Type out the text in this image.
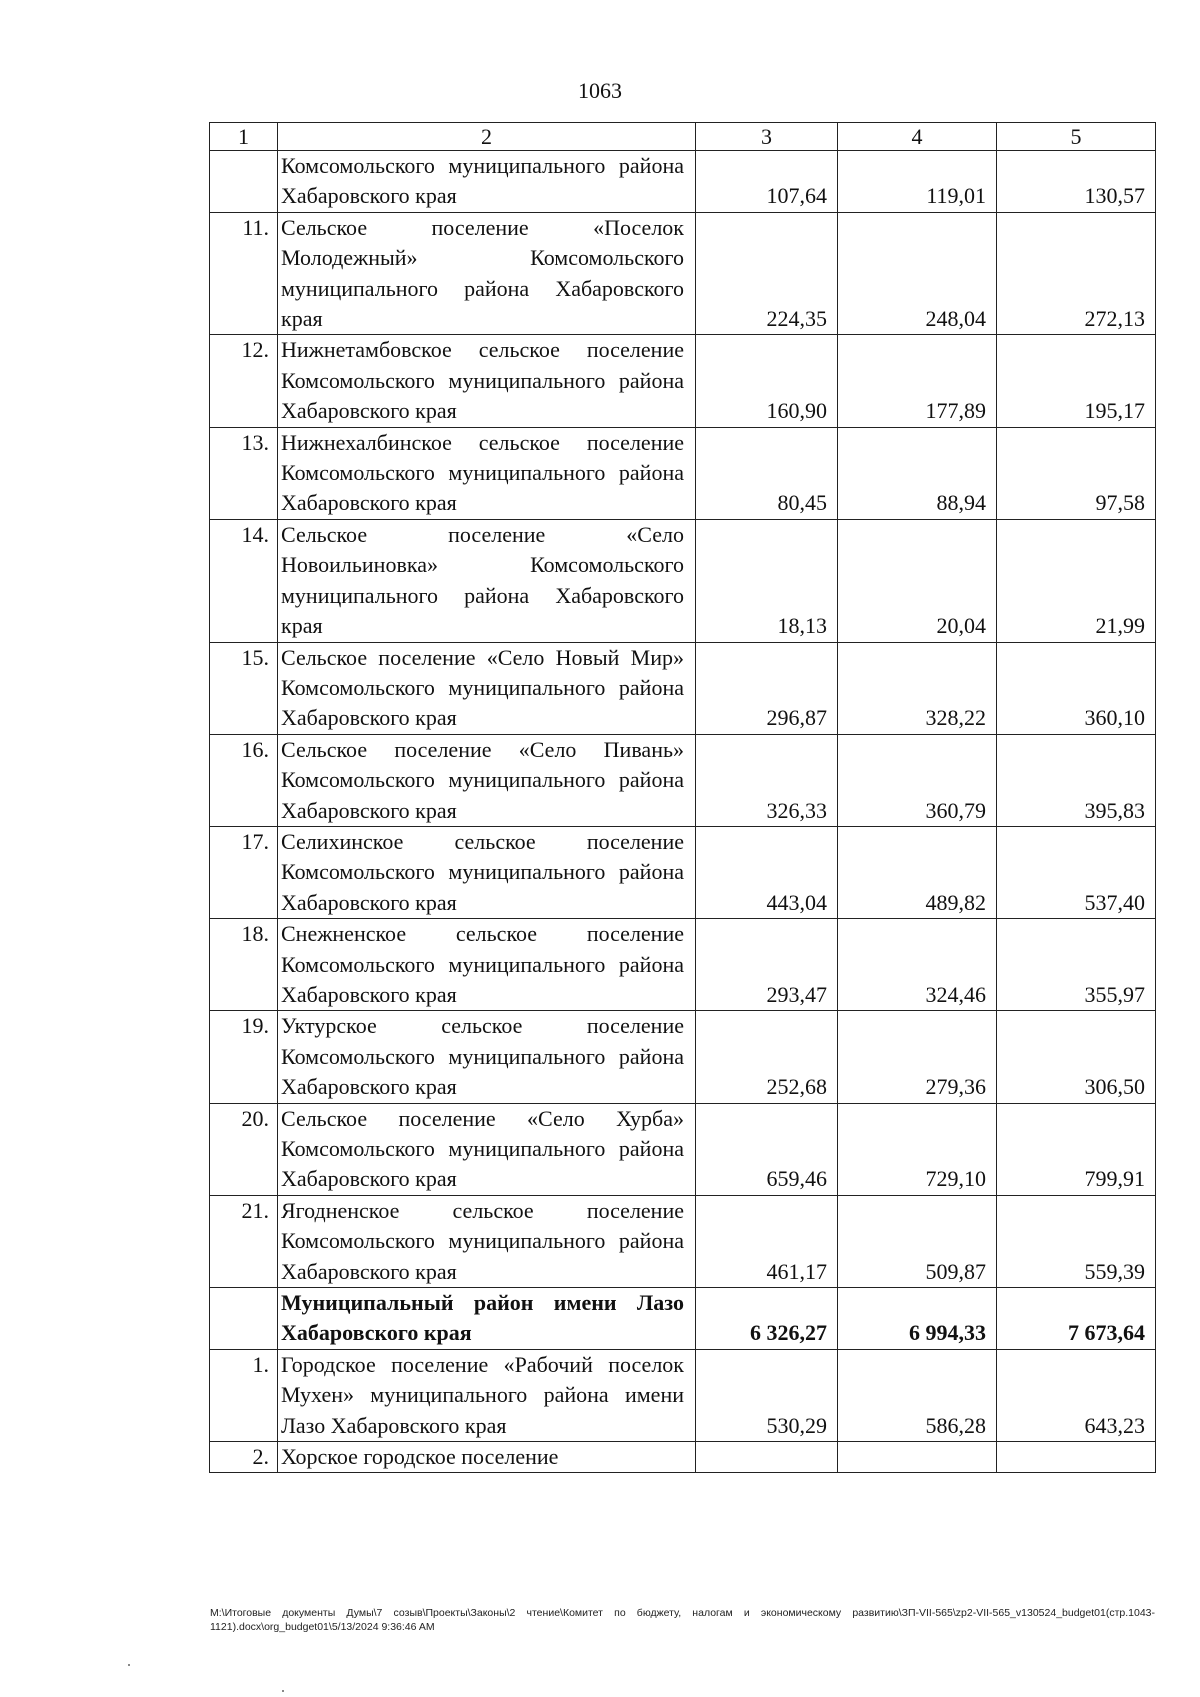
1063
1	2	3	4	5
	Комсомольского муниципального района Хабаровского края	107,64	119,01	130,57
11.	Сельское поселение «Поселок Молодежный» Комсомольского муниципального района Хабаровского края	224,35	248,04	272,13
12.	Нижнетамбовское сельское поселение Комсомольского муниципального района Хабаровского края	160,90	177,89	195,17
13.	Нижнехалбинское сельское поселение Комсомольского муниципального района Хабаровского края	80,45	88,94	97,58
14.	Сельское поселение «Село Новоильиновка» Комсомольского муниципального района Хабаровского края	18,13	20,04	21,99
15.	Сельское поселение «Село Новый Мир» Комсомольского муниципального района Хабаровского края	296,87	328,22	360,10
16.	Сельское поселение «Село Пивань» Комсомольского муниципального района Хабаровского края	326,33	360,79	395,83
17.	Селихинское сельское поселение Комсомольского муниципального района Хабаровского края	443,04	489,82	537,40
18.	Снежненское сельское поселение Комсомольского муниципального района Хабаровского края	293,47	324,46	355,97
19.	Уктурское сельское поселение Комсомольского муниципального района Хабаровского края	252,68	279,36	306,50
20.	Сельское поселение «Село Хурба» Комсомольского муниципального района Хабаровского края	659,46	729,10	799,91
21.	Ягодненское сельское поселение Комсомольского муниципального района Хабаровского края	461,17	509,87	559,39
	Муниципальный район имени Лазо Хабаровского края	6 326,27	6 994,33	7 673,64
1.	Городское поселение «Рабочий поселок Мухен» муниципального района имени Лазо Хабаровского края	530,29	586,28	643,23
2.	Хорское городское поселение			
M:\Итоговые документы Думы\7 созыв\Проекты\Законы\2 чтение\Комитет по бюджету, налогам и экономическому развитию\ЗП-VII-565\zp2-VII-565_v130524_budget01(стр.1043-1121).docx\org_budget01\5/13/2024 9:36:46 AM
